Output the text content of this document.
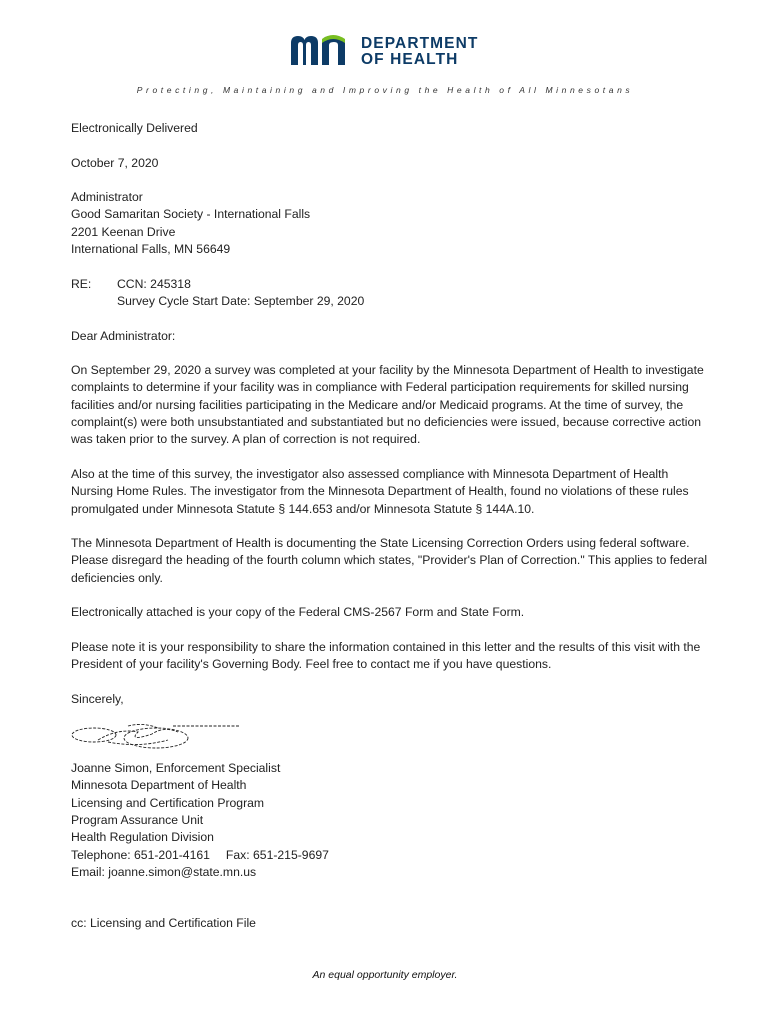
DEPARTMENT
OF HEALTH
Protecting, Maintaining and Improving the Health of All Minnesotans

Electronically Delivered

October 7, 2020

Administrator
Good Samaritan Society - International Falls
2201 Keenan Drive
International Falls, MN 56649
RE:	CCN: 245318
Survey Cycle Start Date: September 29, 2020

Dear Administrator:

On September 29, 2020 a survey was completed at your facility by the Minnesota Department of Health to investigate complaints to determine if your facility was in compliance with Federal participation requirements for skilled nursing facilities and/or nursing facilities participating in the Medicare and/or Medicaid programs. At the time of survey, the complaint(s) were both unsubstantiated and substantiated but no deficiencies were issued, because corrective action was taken prior to the survey. A plan of correction is not required.

Also at the time of this survey, the investigator also assessed compliance with Minnesota Department of Health Nursing Home Rules. The investigator from the Minnesota Department of Health, found no violations of these rules promulgated under Minnesota Statute § 144.653 and/or Minnesota Statute § 144A.10.

The Minnesota Department of Health is documenting the State Licensing Correction Orders using federal software. Please disregard the heading of the fourth column which states, "Provider's Plan of Correction." This applies to federal deficiencies only.

Electronically attached is your copy of the Federal CMS-2567 Form and State Form.

Please note it is your responsibility to share the information contained in this letter and the results of this visit with the President of your facility's Governing Body. Feel free to contact me if you have questions.

Sincerely,

Joanne Simon, Enforcement Specialist
Minnesota Department of Health
Licensing and Certification Program
Program Assurance Unit
Health Regulation Division
Telephone: 651-201-4161 Fax: 651-215-9697
Email: joanne.simon@state.mn.us

cc: Licensing and Certification File

An equal opportunity employer.
